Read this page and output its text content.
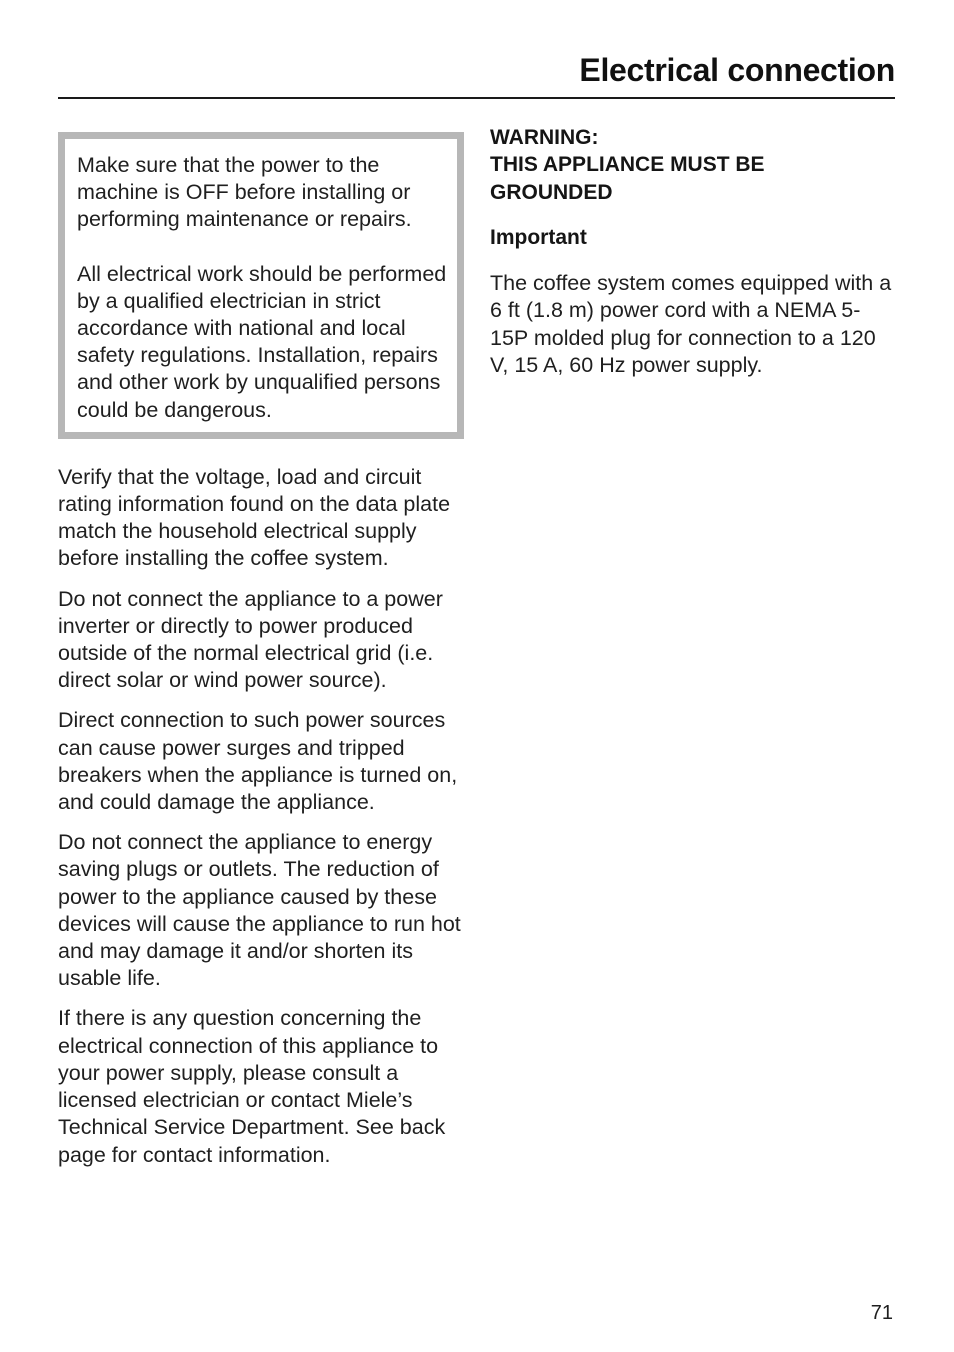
Electrical connection

Make sure that the power to the machine is OFF before installing or performing maintenance or repairs.

All electrical work should be performed by a qualified electrician in strict accordance with national and local safety regulations. Installation, repairs and other work by unqualified persons could be dangerous.

Verify that the voltage, load and circuit rating information found on the data plate match the household electrical supply before installing the coffee system.

Do not connect the appliance to a power inverter or directly to power produced outside of the normal electrical grid (i.e. direct solar or wind power source).

Direct connection to such power sources can cause power surges and tripped breakers when the appliance is turned on, and could damage the appliance.

Do not connect the appliance to energy saving plugs or outlets. The reduction of power to the appliance caused by these devices will cause the appliance to run hot and may damage it and/or shorten its usable life.

If there is any question concerning the electrical connection of this appliance to your power supply, please consult a licensed electrician or contact Miele’s Technical Service Department. See back page for contact information.

WARNING:
THIS APPLIANCE MUST BE
GROUNDED

Important

The coffee system comes equipped with a 6 ft (1.8 m) power cord with a NEMA 5-15P molded plug for connection to a 120 V, 15 A, 60 Hz power supply.

71
